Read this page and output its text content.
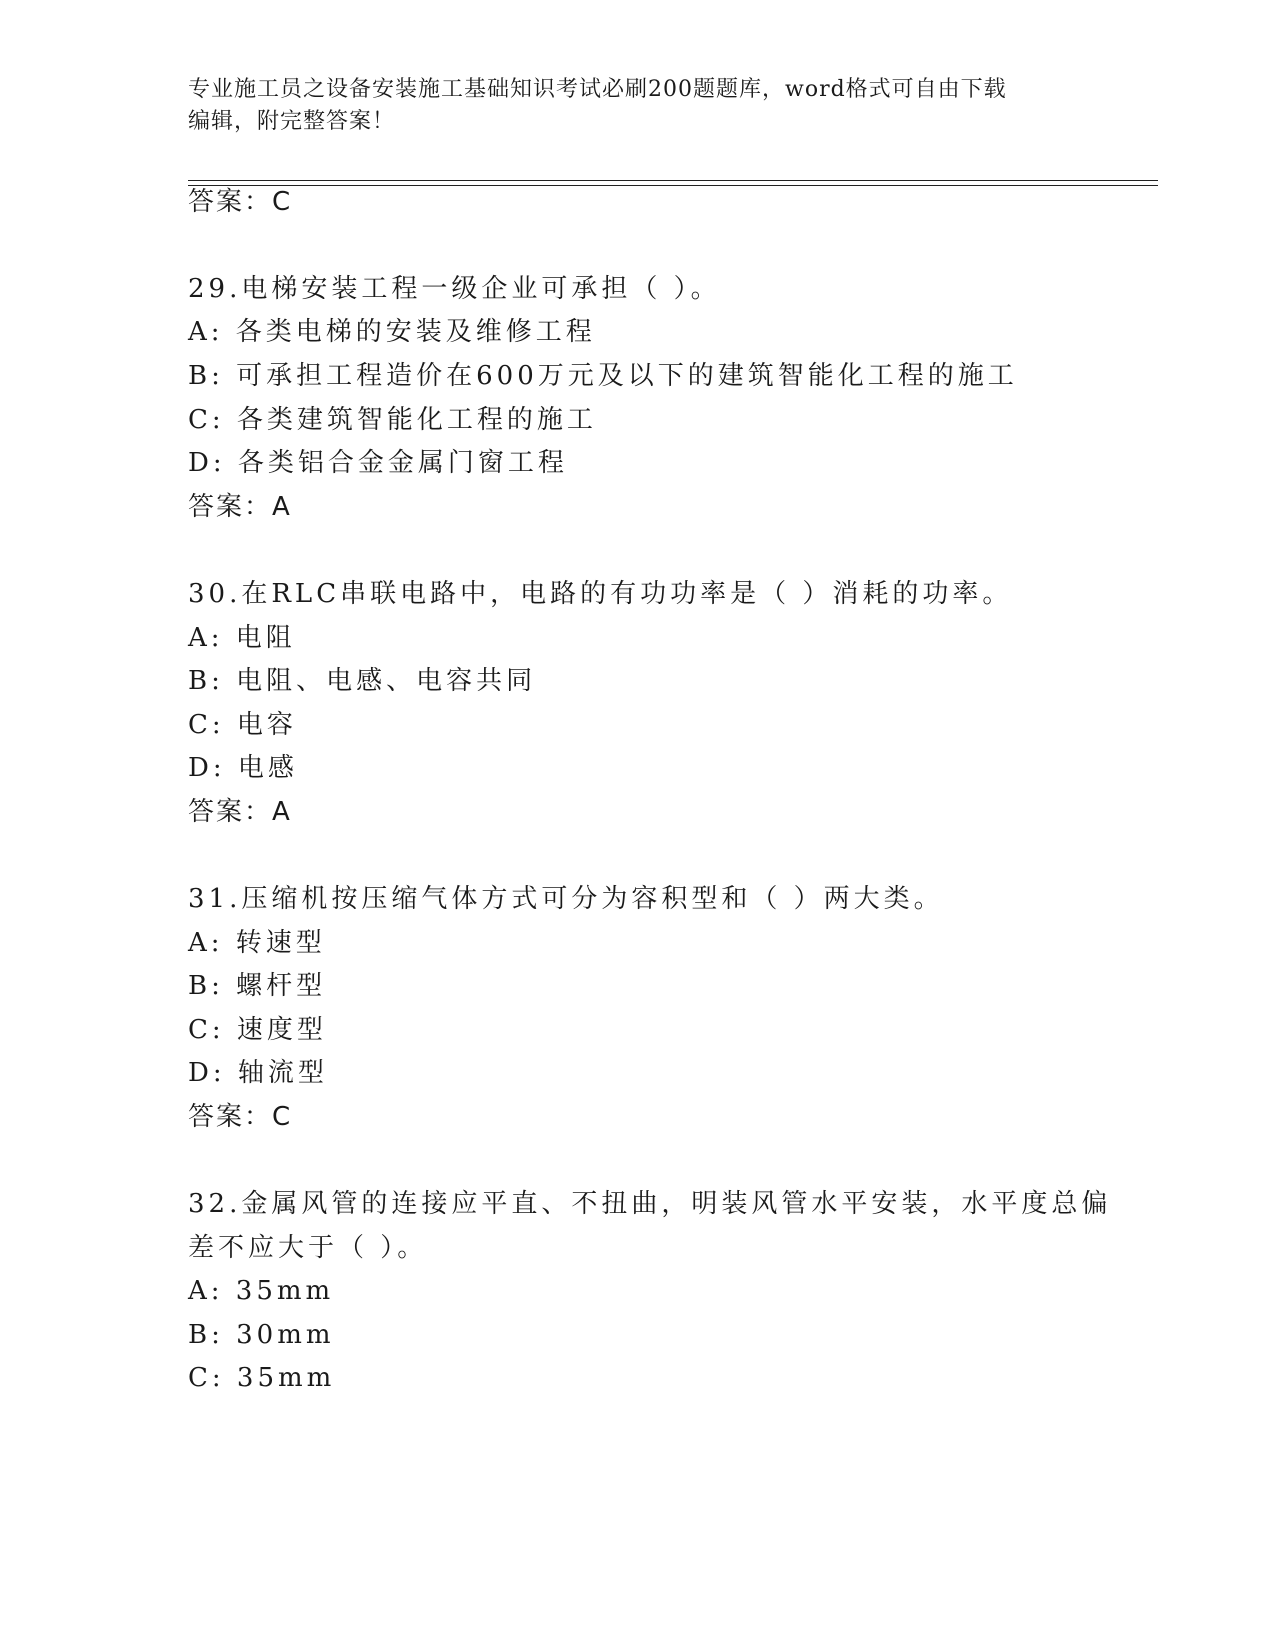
专业施工员之设备安装施工基础知识考试必刷200题题库，word格式可自由下载
编辑，附完整答案！
答案：C
29.电梯安装工程一级企业可承担（ ）。
A: 各类电梯的安装及维修工程
B: 可承担工程造价在600万元及以下的建筑智能化工程的施工
C: 各类建筑智能化工程的施工
D: 各类铝合金金属门窗工程
答案：A
30.在RLC串联电路中，电路的有功功率是（ ）消耗的功率。
A: 电阻
B: 电阻、电感、电容共同
C: 电容
D: 电感
答案：A
31.压缩机按压缩气体方式可分为容积型和（ ）两大类。
A: 转速型
B: 螺杆型
C: 速度型
D: 轴流型
答案：C
32.金属风管的连接应平直、不扭曲，明装风管水平安装，水平度总偏
差不应大于（ ）。
A: 35mm
B: 30mm
C: 35mm
